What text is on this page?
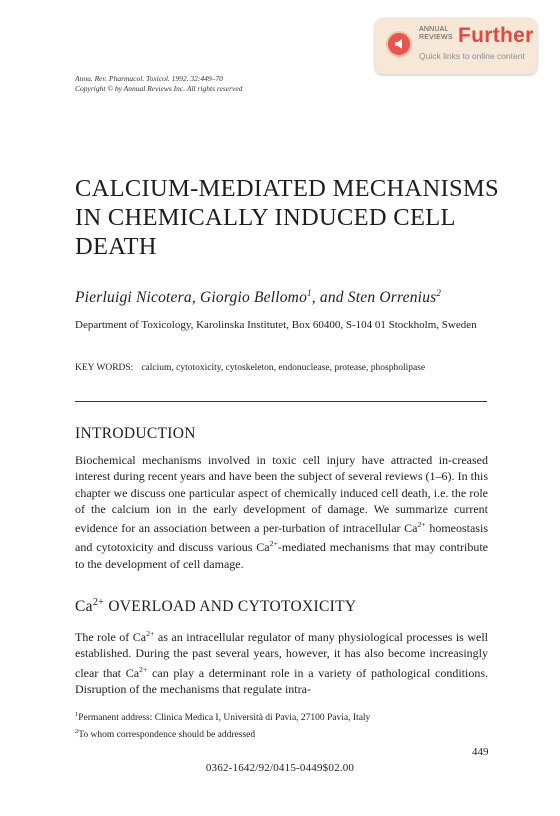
ANNUAL
REVIEWS Further
Quick links to online content
Annu. Rev. Pharmacol. Toxicol. 1992. 32:449–70
Copyright © by Annual Reviews Inc. All rights reserved
CALCIUM-MEDIATED MECHANISMS
IN CHEMICALLY INDUCED CELL
DEATH
Pierluigi Nicotera, Giorgio Bellomo$^1$, and Sten Orrenius$^2$
Department of Toxicology, Karolinska Institutet, Box 60400, S-104 01 Stockholm, Sweden
KEY WORDS: calcium, cytotoxicity, cytoskeleton, endonuclease, protease, phospholipase
INTRODUCTION
Biochemical mechanisms involved in toxic cell injury have attracted in-creased interest during recent years and have been the subject of several reviews (1–6). In this chapter we discuss one particular aspect of chemically induced cell death, i.e. the role of the calcium ion in the early development of damage. We summarize current evidence for an association between a per-turbation of intracellular $Ca^{2+}$ homeostasis and cytotoxicity and discuss various $Ca^{2+}$-mediated mechanisms that may contribute to the development of cell damage.
$Ca^{2+}$ OVERLOAD AND CYTOTOXICITY
The role of $Ca^{2+}$ as an intracellular regulator of many physiological processes is well established. During the past several years, however, it has also become increasingly clear that $Ca^{2+}$ can play a determinant role in a variety of pathological conditions. Disruption of the mechanisms that regulate intra-
$^1$Permanent address: Clinica Medica I, Università di Pavia, 27100 Pavia, Italy
$^2$To whom correspondence should be addressed
449
0362-1642/92/0415-0449$02.00
